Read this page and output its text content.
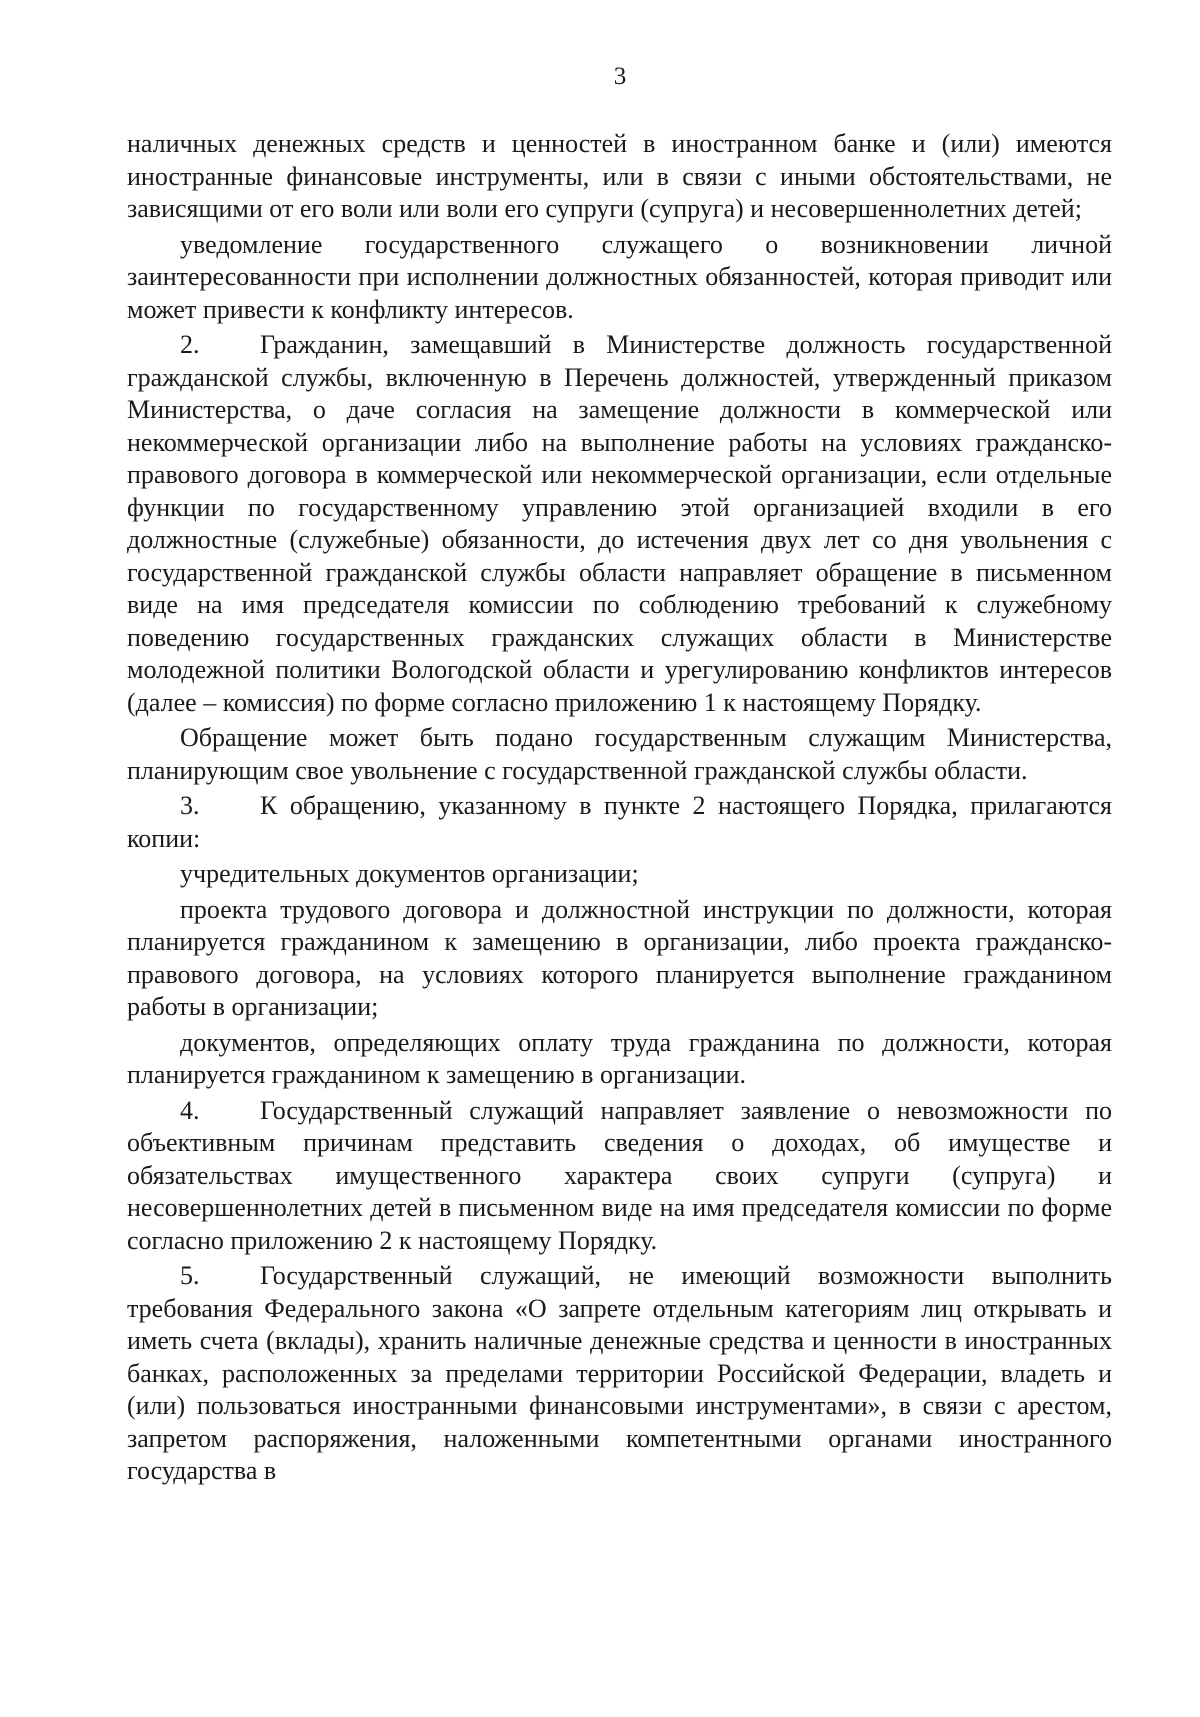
3

наличных денежных средств и ценностей в иностранном банке и (или) имеются иностранные финансовые инструменты, или в связи с иными обстоятельствами, не зависящими от его воли или воли его супруги (супруга) и несовершеннолетних детей;

уведомление государственного служащего о возникновении личной заинтересованности при исполнении должностных обязанностей, которая приводит или может привести к конфликту интересов.

2. Гражданин, замещавший в Министерстве должность государственной гражданской службы, включенную в Перечень должностей, утвержденный приказом Министерства, о даче согласия на замещение должности в коммерческой или некоммерческой организации либо на выполнение работы на условиях гражданско-правового договора в коммерческой или некоммерческой организации, если отдельные функции по государственному управлению этой организацией входили в его должностные (служебные) обязанности, до истечения двух лет со дня увольнения с государственной гражданской службы области направляет обращение в письменном виде на имя председателя комиссии по соблюдению требований к служебному поведению государственных гражданских служащих области в Министерстве молодежной политики Вологодской области и урегулированию конфликтов интересов (далее – комиссия) по форме согласно приложению 1 к настоящему Порядку.

Обращение может быть подано государственным служащим Министерства, планирующим свое увольнение с государственной гражданской службы области.

3. К обращению, указанному в пункте 2 настоящего Порядка, прилагаются копии:

учредительных документов организации;

проекта трудового договора и должностной инструкции по должности, которая планируется гражданином к замещению в организации, либо проекта гражданско-правового договора, на условиях которого планируется выполнение гражданином работы в организации;

документов, определяющих оплату труда гражданина по должности, которая планируется гражданином к замещению в организации.

4. Государственный служащий направляет заявление о невозможности по объективным причинам представить сведения о доходах, об имуществе и обязательствах имущественного характера своих супруги (супруга) и несовершеннолетних детей в письменном виде на имя председателя комиссии по форме согласно приложению 2 к настоящему Порядку.

5. Государственный служащий, не имеющий возможности выполнить требования Федерального закона «О запрете отдельным категориям лиц открывать и иметь счета (вклады), хранить наличные денежные средства и ценности в иностранных банках, расположенных за пределами территории Российской Федерации, владеть и (или) пользоваться иностранными финансовыми инструментами», в связи с арестом, запретом распоряжения, наложенными компетентными органами иностранного государства в
